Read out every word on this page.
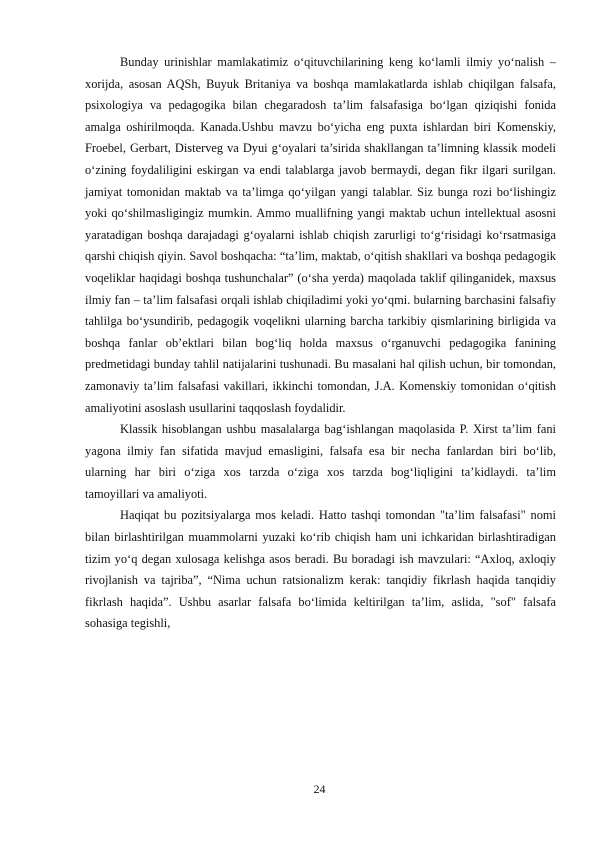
Bunday urinishlar mamlakatimiz o‘qituvchilarining keng ko‘lamli ilmiy yo‘nalish – xorijda, asosan AQSh, Buyuk Britaniya va boshqa mamlakatlarda ishlab chiqilgan falsafa, psixologiya va pedagogika bilan chegaradosh ta’lim falsafasiga bo‘lgan qiziqishi fonida amalga oshirilmoqda. Kanada.Ushbu mavzu bo‘yicha eng puxta ishlardan biri Komenskiy, Froebel, Gerbart, Disterveg va Dyui g‘oyalari ta’sirida shakllangan ta’limning klassik modeli o‘zining foydaliligini eskirgan va endi talablarga javob bermaydi, degan fikr ilgari surilgan. jamiyat tomonidan maktab va ta’limga qo‘yilgan yangi talablar. Siz bunga rozi bo‘lishingiz yoki qo‘shilmasligingiz mumkin. Ammo muallifning yangi maktab uchun intellektual asosni yaratadigan boshqa darajadagi g‘oyalarni ishlab chiqish zarurligi to‘g‘risidagi ko‘rsatmasiga qarshi chiqish qiyin. Savol boshqacha: “ta’lim, maktab, o‘qitish shakllari va boshqa pedagogik voqeliklar haqidagi boshqa tushunchalar” (o‘sha yerda) maqolada taklif qilinganidek, maxsus ilmiy fan – ta’lim falsafasi orqali ishlab chiqiladimi yoki yo‘qmi. bularning barchasini falsafiy tahlilga bo‘ysundirib, pedagogik voqelikni ularning barcha tarkibiy qismlarining birligida va boshqa fanlar ob’ektlari bilan bog‘liq holda maxsus o‘rganuvchi pedagogika fanining predmetidagi bunday tahlil natijalarini tushunadi. Bu masalani hal qilish uchun, bir tomondan, zamonaviy ta’lim falsafasi vakillari, ikkinchi tomondan, J.A. Komenskiy tomonidan o‘qitish amaliyotini asoslash usullarini taqqoslash foydalidir.

Klassik hisoblangan ushbu masalalarga bag‘ishlangan maqolasida P. Xirst ta’lim fani yagona ilmiy fan sifatida mavjud emasligini, falsafa esa bir necha fanlardan biri bo‘lib, ularning har biri o‘ziga xos tarzda o‘ziga xos tarzda bog‘liqligini ta’kidlaydi. ta’lim tamoyillari va amaliyoti.

Haqiqat bu pozitsiyalarga mos keladi. Hatto tashqi tomondan "ta’lim falsafasi" nomi bilan birlashtirilgan muammolarni yuzaki ko‘rib chiqish ham uni ichkaridan birlashtiradigan tizim yo‘q degan xulosaga kelishga asos beradi. Bu boradagi ish mavzulari: “Axloq, axloqiy rivojlanish va tajriba”, “Nima uchun ratsionalizm kerak: tanqidiy fikrlash haqida tanqidiy fikrlash haqida”. Ushbu asarlar falsafa bo‘limida keltirilgan ta’lim, aslida, "sof" falsafa sohasiga tegishli,

24
